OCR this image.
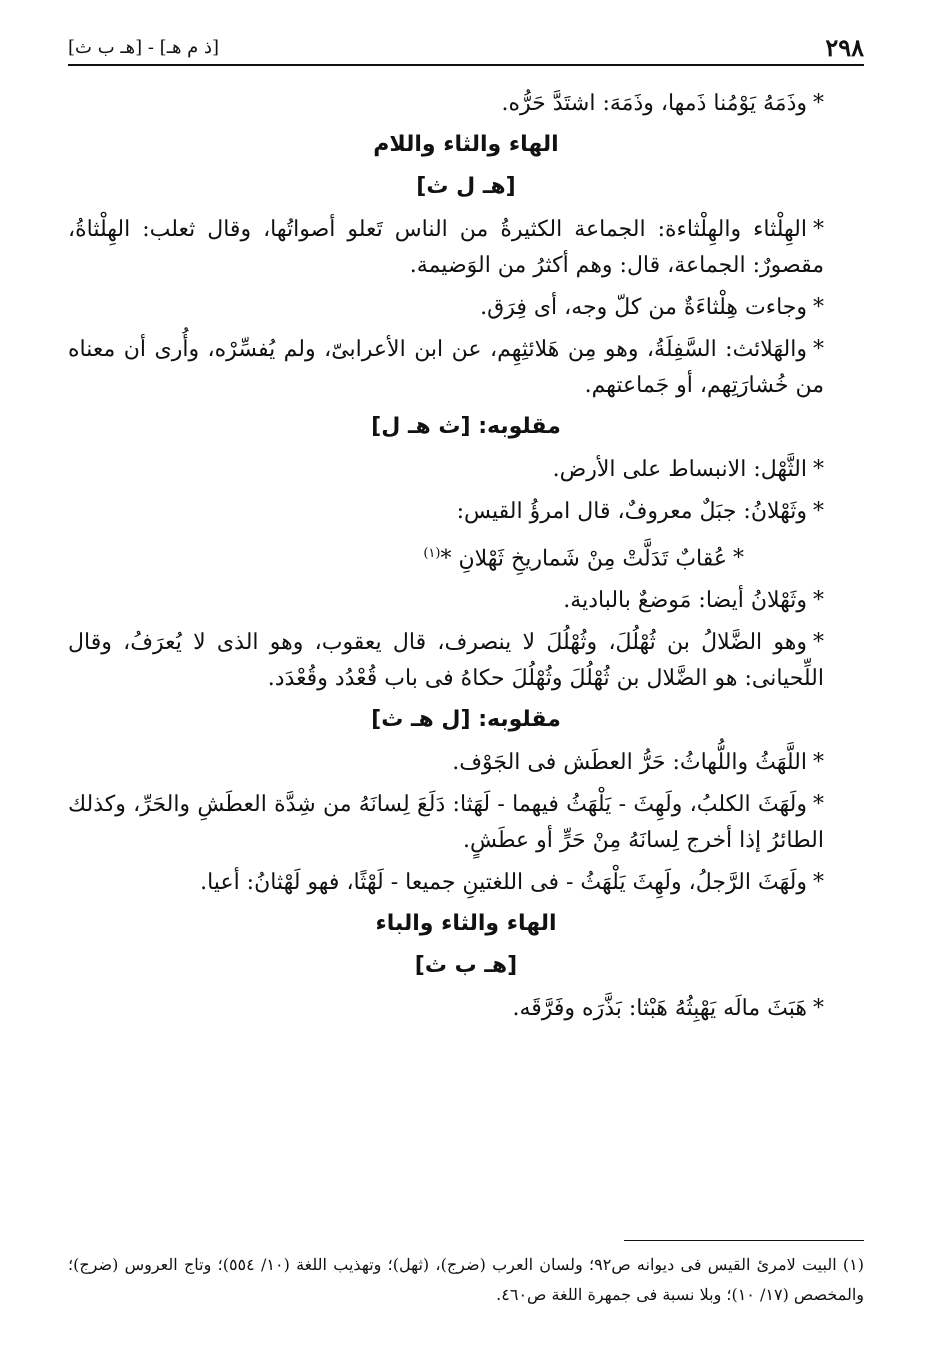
٢٩٨
[ذ م هـ] - [هـ ب ث]

*وذَمَهُ يَوْمُنا ذَمها، وذَمَهَ: اشتَدَّ حَرُّه.

الهاء والثاء واللام
[هـ ل ث]

*الهِلْثاء والهِلْثاءة: الجماعة الكثيرةُ من الناس تَعلو أصواتُها، وقال ثعلب: الهِلْثاةُ، مقصورٌ: الجماعة، قال: وهم أكثرُ من الوَضيمة.

*وجاءت هِلْثاءَةٌ من كلّ وجه، أى فِرَق.

*والهَلائث: السَّفِلَةُ، وهو مِن هَلائثِهِم، عن ابن الأعرابىّ، ولم يُفسِّرْه، وأُرى أن معناه من خُشارَتِهم، أو جَماعتهم.

مقلوبه: [ث هـ ل]

*الثَّهْل: الانبساط على الأرض.

*وثَهْلانُ: جبَلٌ معروفٌ، قال امرؤُ القيس:

*عُقابٌ تَدَلَّتْ مِنْ شَماريخِ ثَهْلانِ *$^{(١)}$

*وثَهْلانُ أيضا: مَوضعٌ بالبادية.

*وهو الضَّلالُ بن ثُهْلُلَ، وثُهْلُلَ لا ينصرف، قال يعقوب، وهو الذى لا يُعرَفُ، وقال اللِّحيانى: هو الضَّلال بن ثُهْلُلَ وثُهْلُلَ حكاهُ فى باب قُعْدُد وقُعْدَد.

مقلوبه: [ل هـ ث]

*اللَّهَثُ واللُّهاثُ: حَرُّ العطَش فى الجَوْف.

*ولَهَثَ الكلبُ، ولَهِثَ - يَلْهَثُ فيهما - لَهَثا: دَلَعَ لِسانَهُ من شِدَّة العطَشِ والحَرِّ، وكذلك الطائرُ إذا أخرج لِسانَهُ مِنْ حَرٍّ أو عطَشٍ.

*ولَهَثَ الرَّجلُ، ولَهِثَ يَلْهَثُ - فى اللغتينِ جميعا - لَهْثًا، فهو لَهْثانُ: أعيا.

الهاء والثاء والباء
[هـ ب ث]

*هَبَثَ مالَه يَهْبِثُهُ هَبْثا: بَذَّرَه وفَرَّقَه.

(١) البيت لامرئ القيس فى ديوانه ص٩٢؛ ولسان العرب (ضرج)، (ثهل)؛ وتهذيب اللغة (١٠/ ٥٥٤)؛ وتاج العروس (ضرج)؛ والمخصص (١٧/ ١٠)؛ وبلا نسبة فى جمهرة اللغة ص٤٦٠.
